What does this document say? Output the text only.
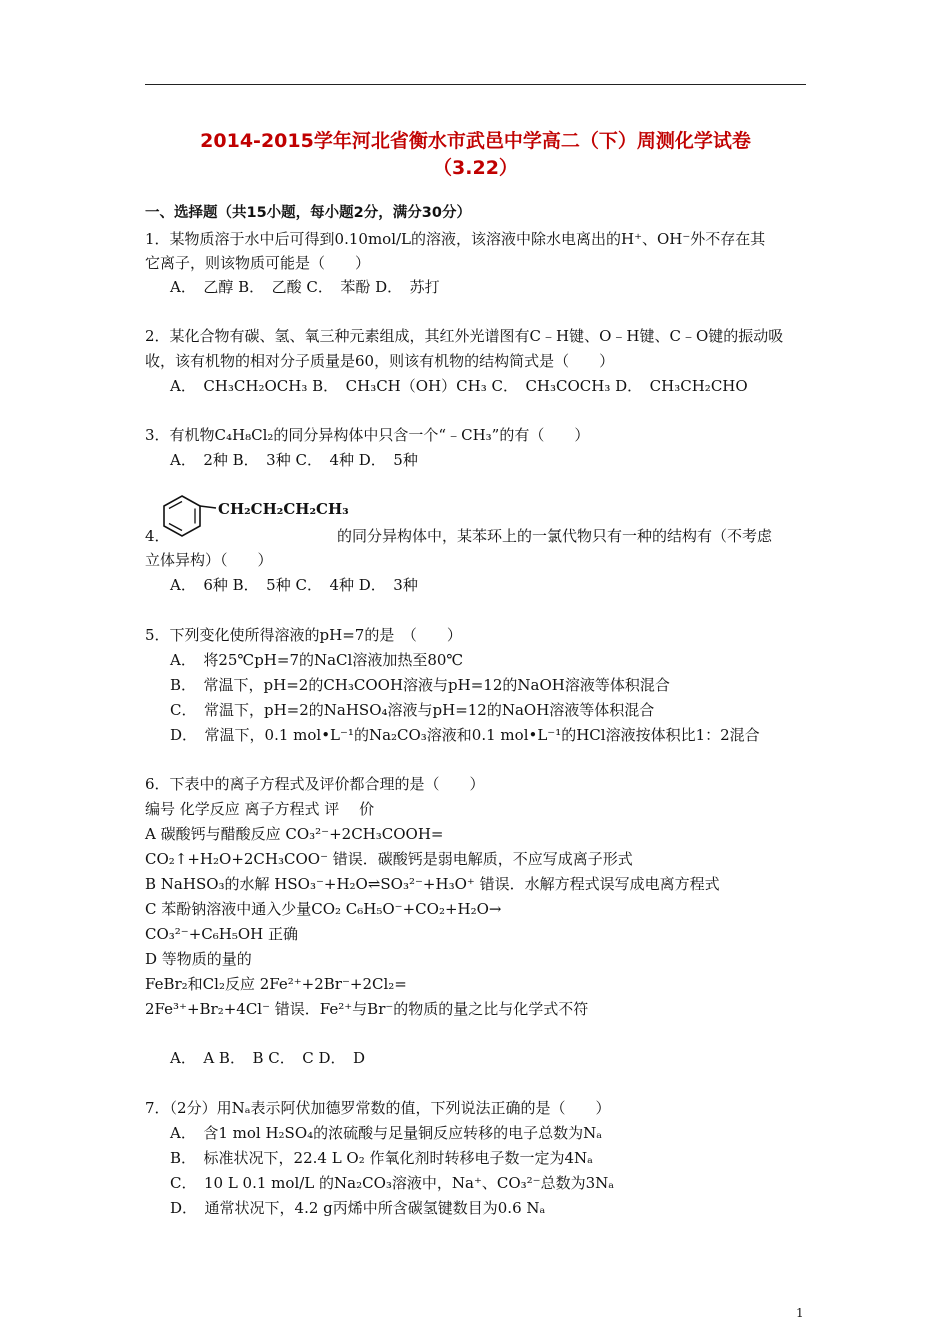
2014-2015学年河北省衡水市武邑中学高二（下）周测化学试卷
（3.22）
一、选择题（共15小题，每小题2分，满分30分）
1．某物质溶于水中后可得到0.10mol/L的溶液，该溶液中除水电离出的H⁺、OH⁻外不存在其
它离子，则该物质可能是（　　）
A．　乙醇 B．　乙酸 C．　苯酚 D．　苏打
2．某化合物有碳、氢、氧三种元素组成，其红外光谱图有C﹣H键、O﹣H键、C﹣O键的振动吸
收，该有机物的相对分子质量是60，则该有机物的结构简式是（　　）
A．　CH₃CH₂OCH₃ B．　CH₃CH（OH）CH₃ C．　CH₃COCH₃ D．　CH₃CH₂CHO
3．有机物C₄H₈Cl₂的同分异构体中只含一个“﹣CH₃”的有（　　）
A．　2种 B．　3种 C．　4种 D．　5种
CH₂CH₂CH₂CH₃
4．	的同分异构体中，某苯环上的一氯代物只有一种的结构有（不考虑
立体异构）（　　）
A．　6种 B．　5种 C．　4种 D．　3种
5．下列变化使所得溶液的pH=7的是　（　　）
A．　将25℃pH=7的NaCl溶液加热至80℃
B．　常温下，pH=2的CH₃COOH溶液与pH=12的NaOH溶液等体积混合
C．　常温下，pH=2的NaHSO₄溶液与pH=12的NaOH溶液等体积混合
D．　常温下，0.1 mol•L⁻¹的Na₂CO₃溶液和0.1 mol•L⁻¹的HCl溶液按体积比1：2混合
6．下表中的离子方程式及评价都合理的是（　　）
编号 化学反应 离子方程式 评　 价
A 碳酸钙与醋酸反应 CO₃²⁻+2CH₃COOH=
CO₂↑+H₂O+2CH₃COO⁻ 错误．碳酸钙是弱电解质，不应写成离子形式
B NaHSO₃的水解 HSO₃⁻+H₂O⇌SO₃²⁻+H₃O⁺ 错误．水解方程式误写成电离方程式
C 苯酚钠溶液中通入少量CO₂ C₆H₅O⁻+CO₂+H₂O→
CO₃²⁻+C₆H₅OH 正确
D 等物质的量的
FeBr₂和Cl₂反应 2Fe²⁺+2Br⁻+2Cl₂=
2Fe³⁺+Br₂+4Cl⁻ 错误．Fe²⁺与Br⁻的物质的量之比与化学式不符
A．　A B．　B C．　C D．　D
7．（2分）用Nₐ表示阿伏加德罗常数的值，下列说法正确的是（　　）
A．　含1 mol H₂SO₄的浓硫酸与足量铜反应转移的电子总数为Nₐ
B．　标准状况下，22.4 L O₂ 作氧化剂时转移电子数一定为4Nₐ
C．　10 L 0.1 mol/L 的Na₂CO₃溶液中，Na⁺、CO₃²⁻总数为3Nₐ
D．　通常状况下，4.2 g丙烯中所含碳氢键数目为0.6 Nₐ
1
